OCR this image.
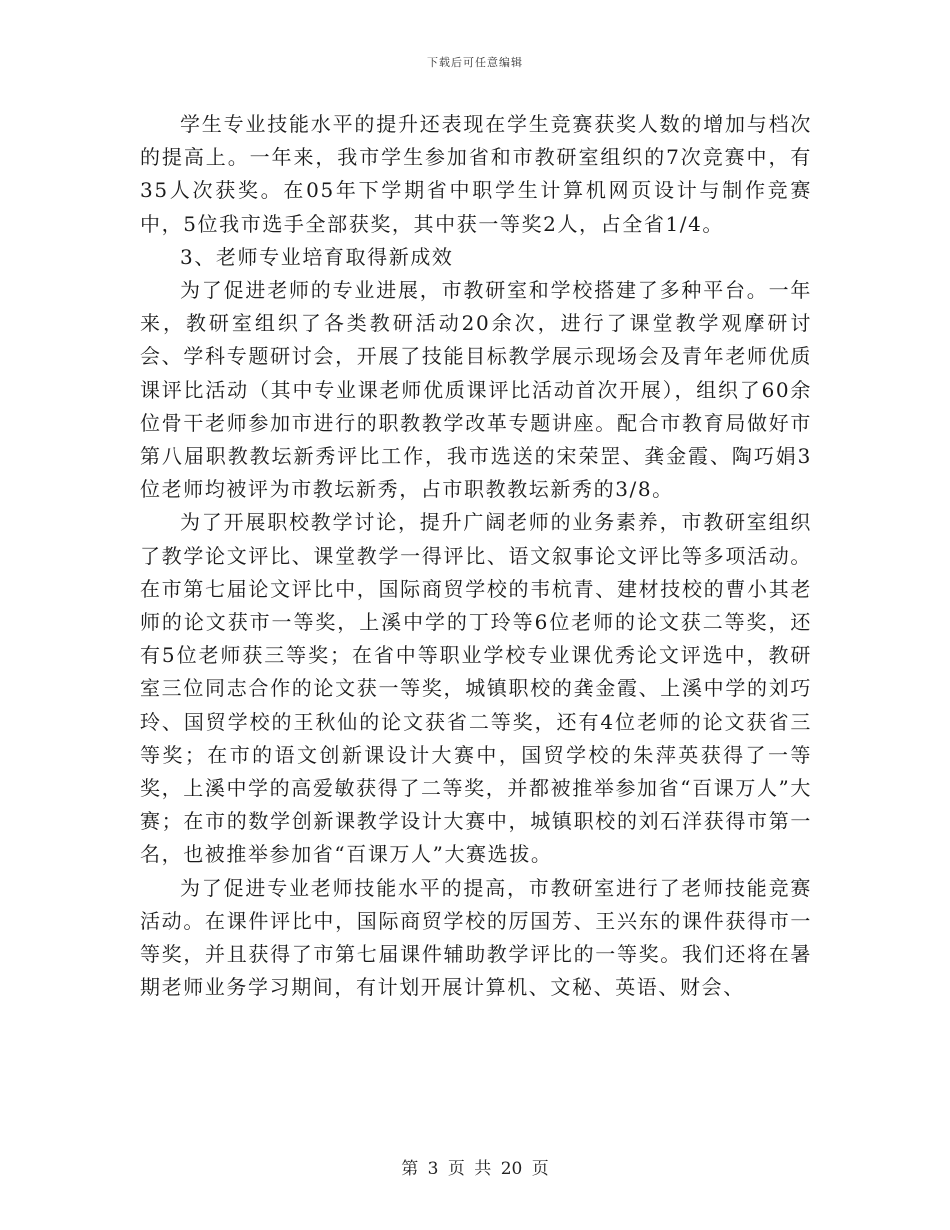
下载后可任意编辑

学生专业技能水平的提升还表现在学生竞赛获奖人数的增加与档次的提高上。一年来，我市学生参加省和市教研室组织的7次竞赛中，有35人次获奖。在05年下学期省中职学生计算机网页设计与制作竞赛中，5位我市选手全部获奖，其中获一等奖2人，占全省1/4。

3、老师专业培育取得新成效

为了促进老师的专业进展，市教研室和学校搭建了多种平台。一年来，教研室组织了各类教研活动20余次，进行了课堂教学观摩研讨会、学科专题研讨会，开展了技能目标教学展示现场会及青年老师优质课评比活动（其中专业课老师优质课评比活动首次开展），组织了60余位骨干老师参加市进行的职教教学改革专题讲座。配合市教育局做好市第八届职教教坛新秀评比工作，我市选送的宋荣罡、龚金霞、陶巧娟3位老师均被评为市教坛新秀，占市职教教坛新秀的3/8。

为了开展职校教学讨论，提升广阔老师的业务素养，市教研室组织了教学论文评比、课堂教学一得评比、语文叙事论文评比等多项活动。在市第七届论文评比中，国际商贸学校的韦杭青、建材技校的曹小其老师的论文获市一等奖，上溪中学的丁玲等6位老师的论文获二等奖，还有5位老师获三等奖；在省中等职业学校专业课优秀论文评选中，教研室三位同志合作的论文获一等奖，城镇职校的龚金霞、上溪中学的刘巧玲、国贸学校的王秋仙的论文获省二等奖，还有4位老师的论文获省三等奖；在市的语文创新课设计大赛中，国贸学校的朱萍英获得了一等奖，上溪中学的高爱敏获得了二等奖，并都被推举参加省“百课万人”大赛；在市的数学创新课教学设计大赛中，城镇职校的刘石洋获得市第一名，也被推举参加省“百课万人”大赛选拔。

为了促进专业老师技能水平的提高，市教研室进行了老师技能竞赛活动。在课件评比中，国际商贸学校的厉国芳、王兴东的课件获得市一等奖，并且获得了市第七届课件辅助教学评比的一等奖。我们还将在暑期老师业务学习期间，有计划开展计算机、文秘、英语、财会、

第 3 页 共 20 页
